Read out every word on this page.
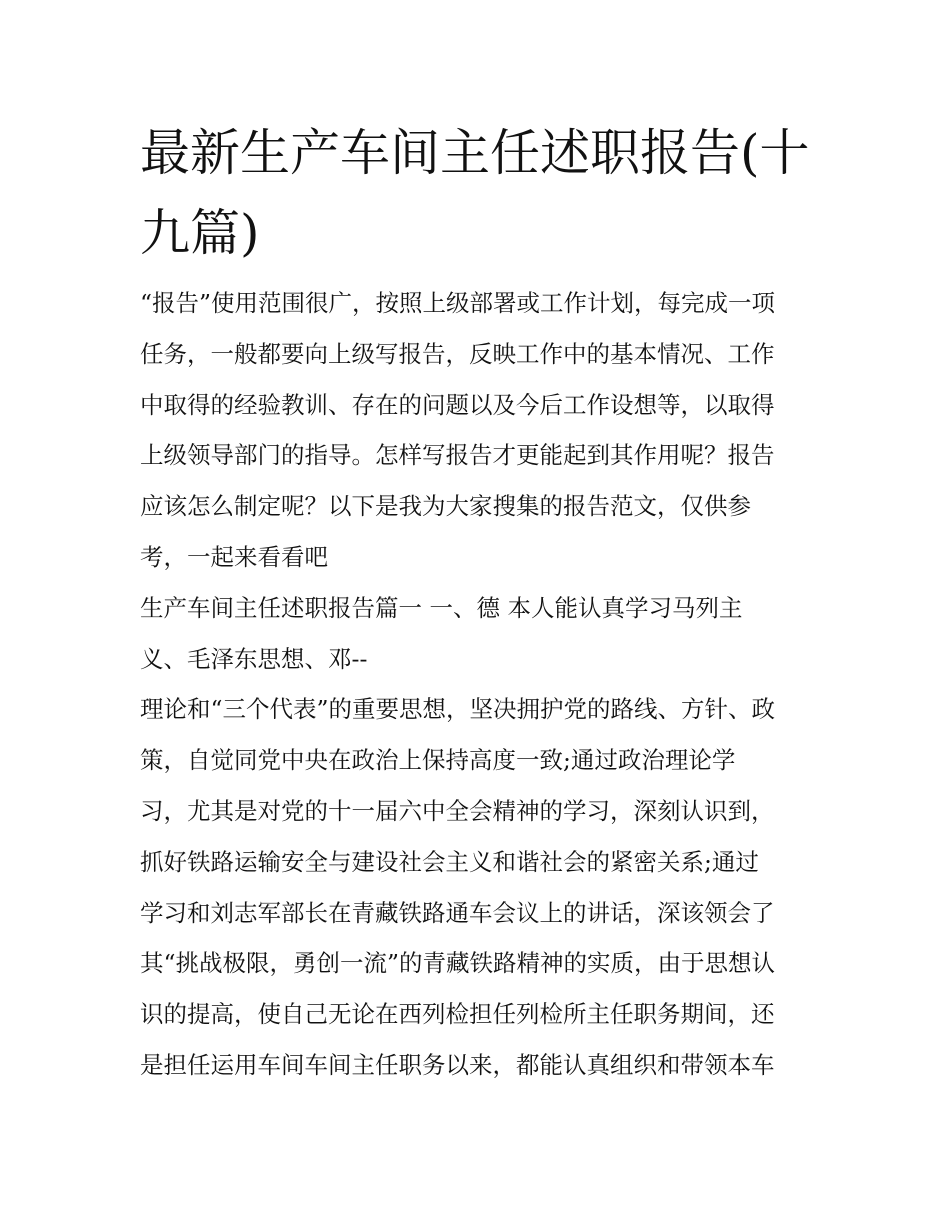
最新生产车间主任述职报告(十
九篇)
“报告”使用范围很广，按照上级部署或工作计划，每完成一项
任务，一般都要向上级写报告，反映工作中的基本情况、工作
中取得的经验教训、存在的问题以及今后工作设想等，以取得
上级领导部门的指导。怎样写报告才更能起到其作用呢？报告
应该怎么制定呢？以下是我为大家搜集的报告范文，仅供参
考，一起来看看吧
生产车间主任述职报告篇一 一、德 本人能认真学习马列主
义、毛泽东思想、邓--
理论和“三个代表”的重要思想，坚决拥护党的路线、方针、政
策，自觉同党中央在政治上保持高度一致;通过政治理论学
习，尤其是对党的十一届六中全会精神的学习，深刻认识到，
抓好铁路运输安全与建设社会主义和谐社会的紧密关系;通过
学习和刘志军部长在青藏铁路通车会议上的讲话，深该领会了
其“挑战极限，勇创一流”的青藏铁路精神的实质，由于思想认
识的提高，使自己无论在西列检担任列检所主任职务期间，还
是担任运用车间车间主任职务以来，都能认真组织和带领本车
